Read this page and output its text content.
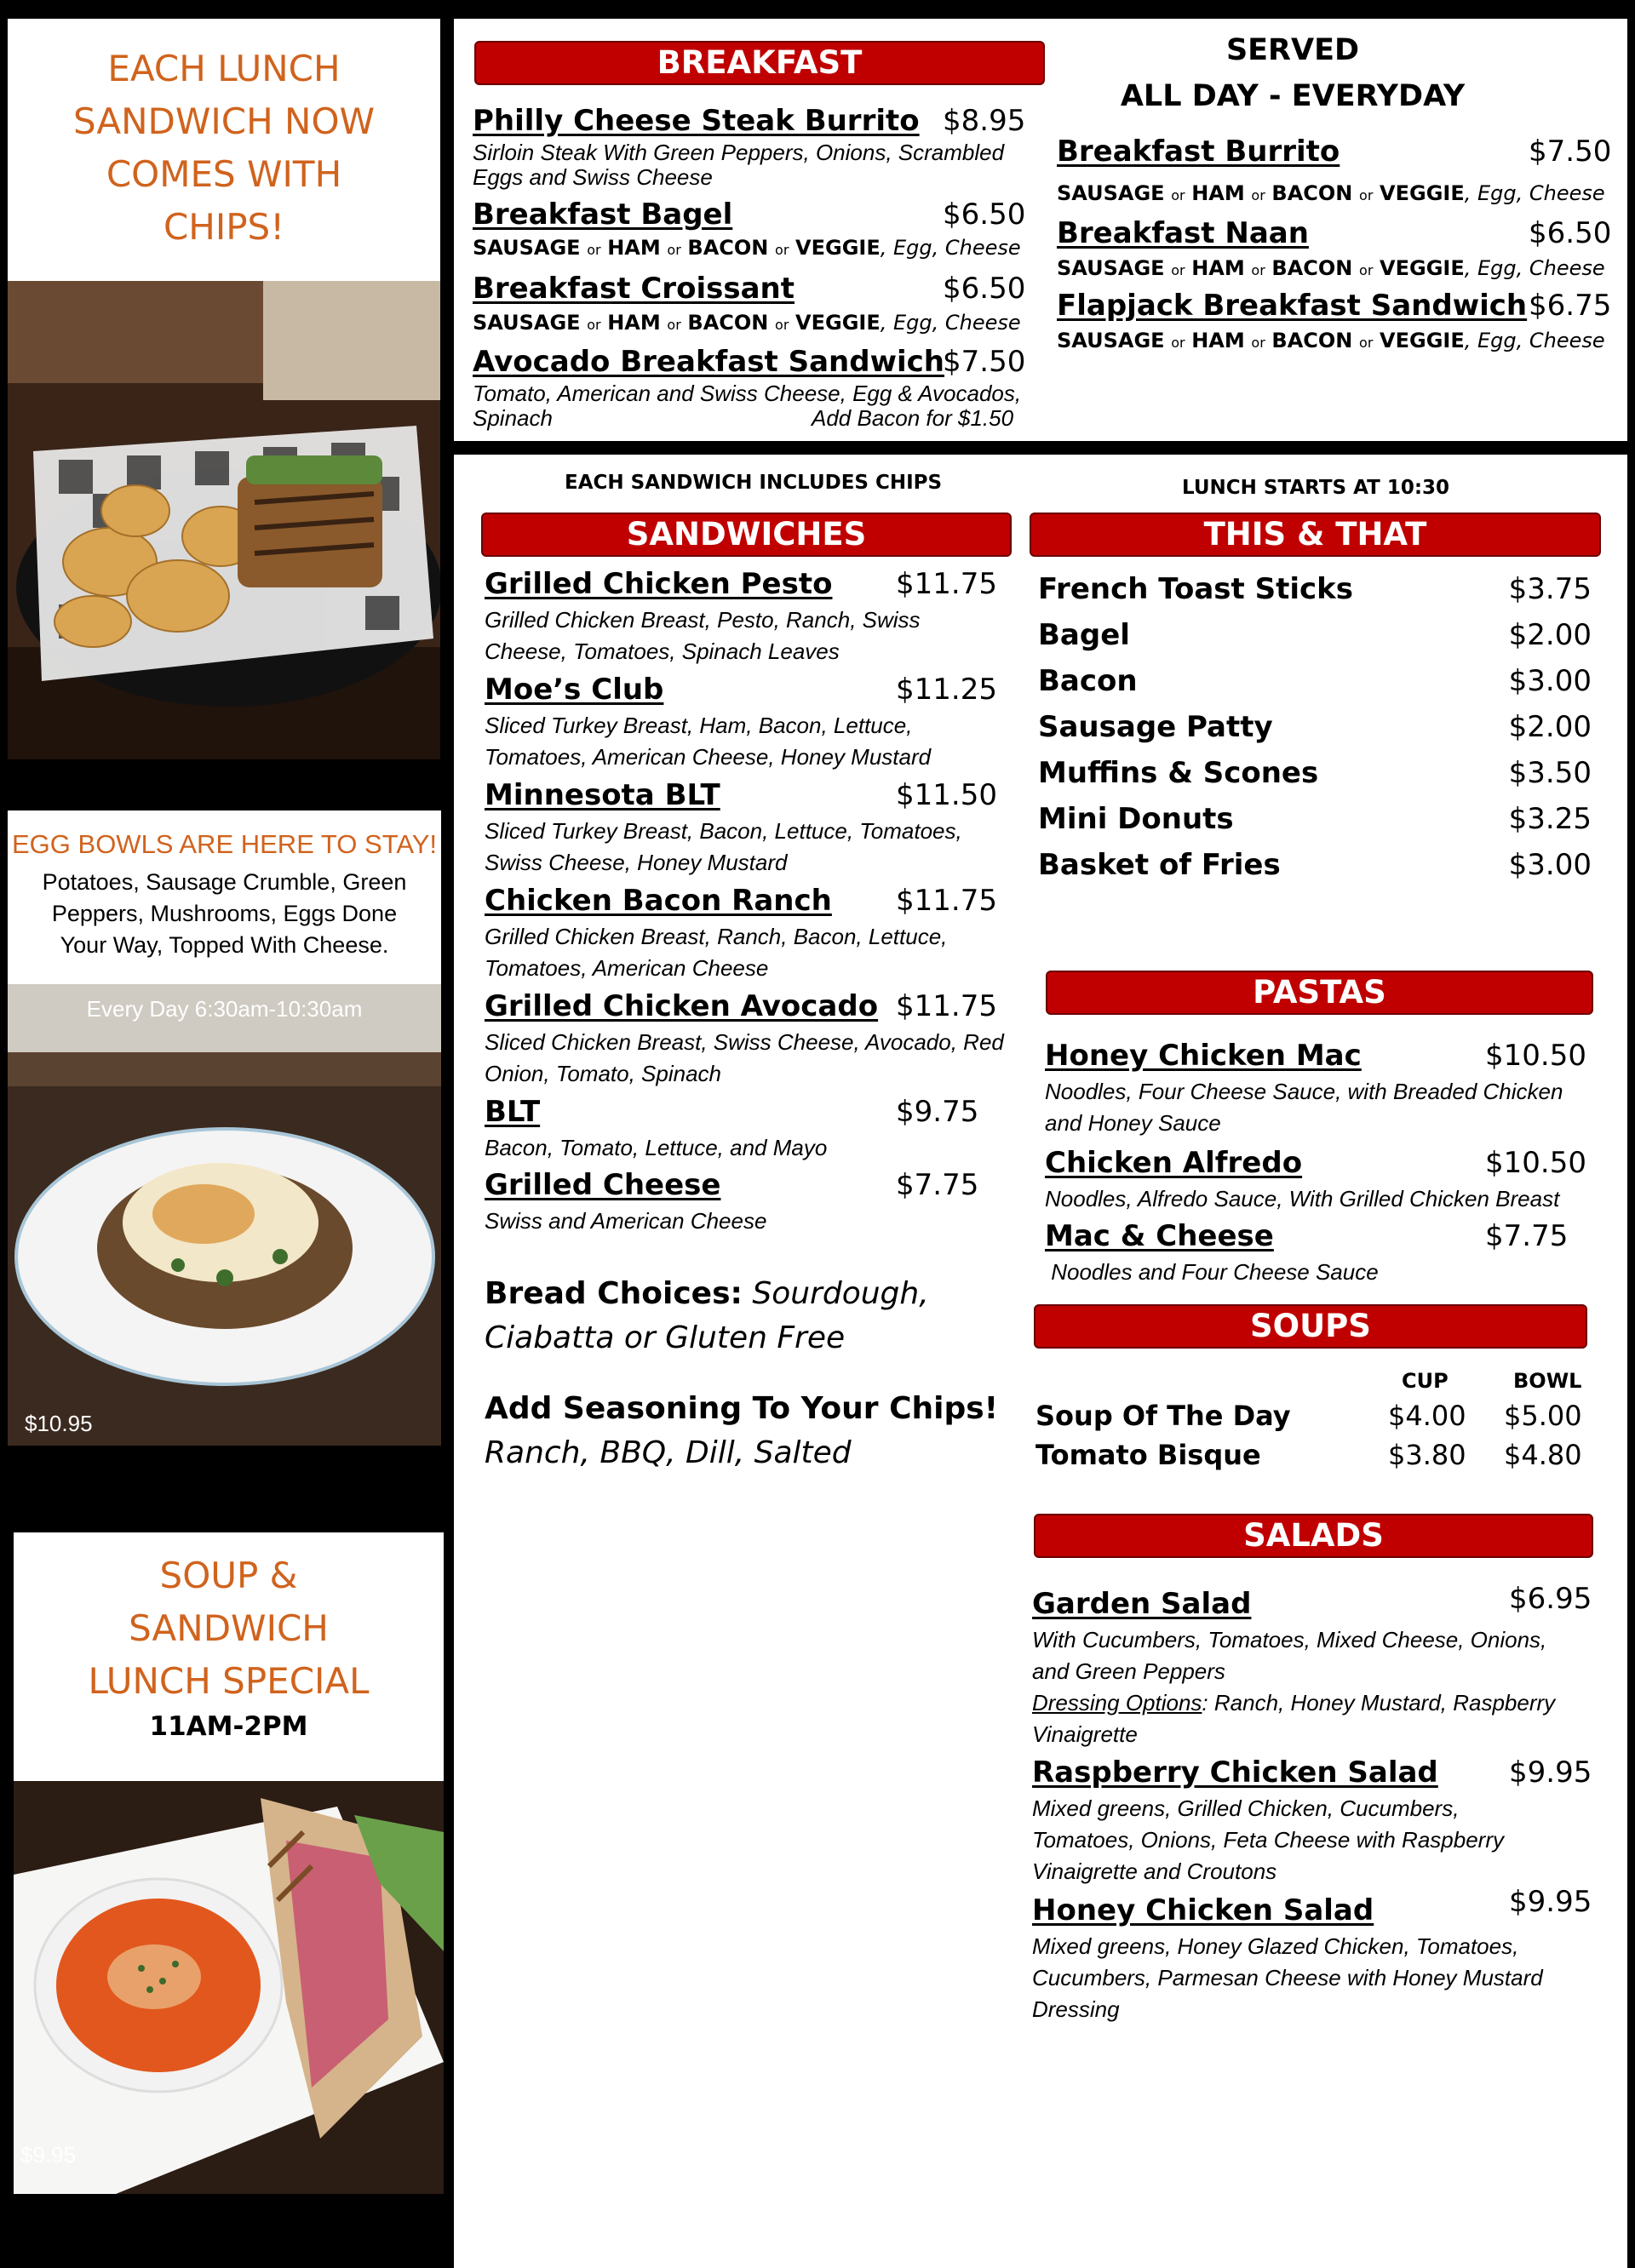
EACH LUNCH
SANDWICH NOW
COMES WITH
CHIPS!
EGG BOWLS ARE HERE TO STAY!
Potatoes, Sausage Crumble, Green
Peppers, Mushrooms, Eggs Done
Your Way, Topped With Cheese.
Every Day 6:30am-10:30am
$10.95
SOUP &
SANDWICH
LUNCH SPECIAL
11AM-2PM
$9.95
BREAKFAST	SERVED
ALL DAY - EVERYDAY
Philly Cheese Steak Burrito $8.95
Sirloin Steak With Green Peppers, Onions, Scrambled
Eggs and Swiss Cheese
Breakfast Bagel	$6.50
SAUSAGE or HAM or BACON or VEGGIE, Egg, Cheese
Breakfast Croissant	$6.50
SAUSAGE or HAM or BACON or VEGGIE, Egg, Cheese
Avocado Breakfast Sandwich
$7.50
Tomato, American and Swiss Cheese, Egg & Avocados,
Spinach	Add Bacon for $1.50
Breakfast Burrito	$7.50
SAUSAGE or HAM or BACON or VEGGIE, Egg, Cheese
Breakfast Naan	$6.50
SAUSAGE or HAM or BACON or VEGGIE, Egg, Cheese
Flapjack Breakfast Sandwich $6.75
SAUSAGE or HAM or BACON or VEGGIE, Egg, Cheese
EACH SANDWICH INCLUDES CHIPS	LUNCH STARTS AT 10:30
SANDWICHES
Grilled Chicken Pesto	$11.75
Grilled Chicken Breast, Pesto, Ranch, Swiss
Cheese, Tomatoes, Spinach Leaves
Moe’s Club	$11.25
Sliced Turkey Breast, Ham, Bacon, Lettuce,
Tomatoes, American Cheese, Honey Mustard
Minnesota BLT	$11.50
Sliced Turkey Breast, Bacon, Lettuce, Tomatoes,
Swiss Cheese, Honey Mustard
Chicken Bacon Ranch	$11.75
Grilled Chicken Breast, Ranch, Bacon, Lettuce,
Tomatoes, American Cheese
Grilled Chicken Avocado $11.75
Sliced Chicken Breast, Swiss Cheese, Avocado, Red
Onion, Tomato, Spinach
BLT	$9.75
Bacon, Tomato, Lettuce, and Mayo
Grilled Cheese	$7.75
Swiss and American Cheese
Bread Choices: Sourdough,
Ciabatta or Gluten Free
Add Seasoning To Your Chips!
Ranch, BBQ, Dill, Salted
THIS & THAT
French Toast Sticks	$3.75
Bagel	$2.00
Bacon	$3.00
Sausage Patty	$2.00
Muffins & Scones	$3.50
Mini Donuts	$3.25
Basket of Fries	$3.00
PASTAS
Honey Chicken Mac	$10.50
Noodles, Four Cheese Sauce, with Breaded Chicken
and Honey Sauce
Chicken Alfredo	$10.50
Noodles, Alfredo Sauce, With Grilled Chicken Breast
Mac & Cheese	$7.75
Noodles and Four Cheese Sauce
SOUPS
CUP	BOWL
Soup Of The Day	$4.00 $5.00
Tomato Bisque	$3.80 $4.80
SALADS
Garden Salad	$6.95
With Cucumbers, Tomatoes, Mixed Cheese, Onions,
and Green Peppers
Dressing Options: Ranch, Honey Mustard, Raspberry
Vinaigrette
Raspberry Chicken Salad	$9.95
Mixed greens, Grilled Chicken, Cucumbers,
Tomatoes, Onions, Feta Cheese with Raspberry
Vinaigrette and Croutons
Honey Chicken Salad	$9.95
Mixed greens, Honey Glazed Chicken, Tomatoes,
Cucumbers, Parmesan Cheese with Honey Mustard
Dressing
